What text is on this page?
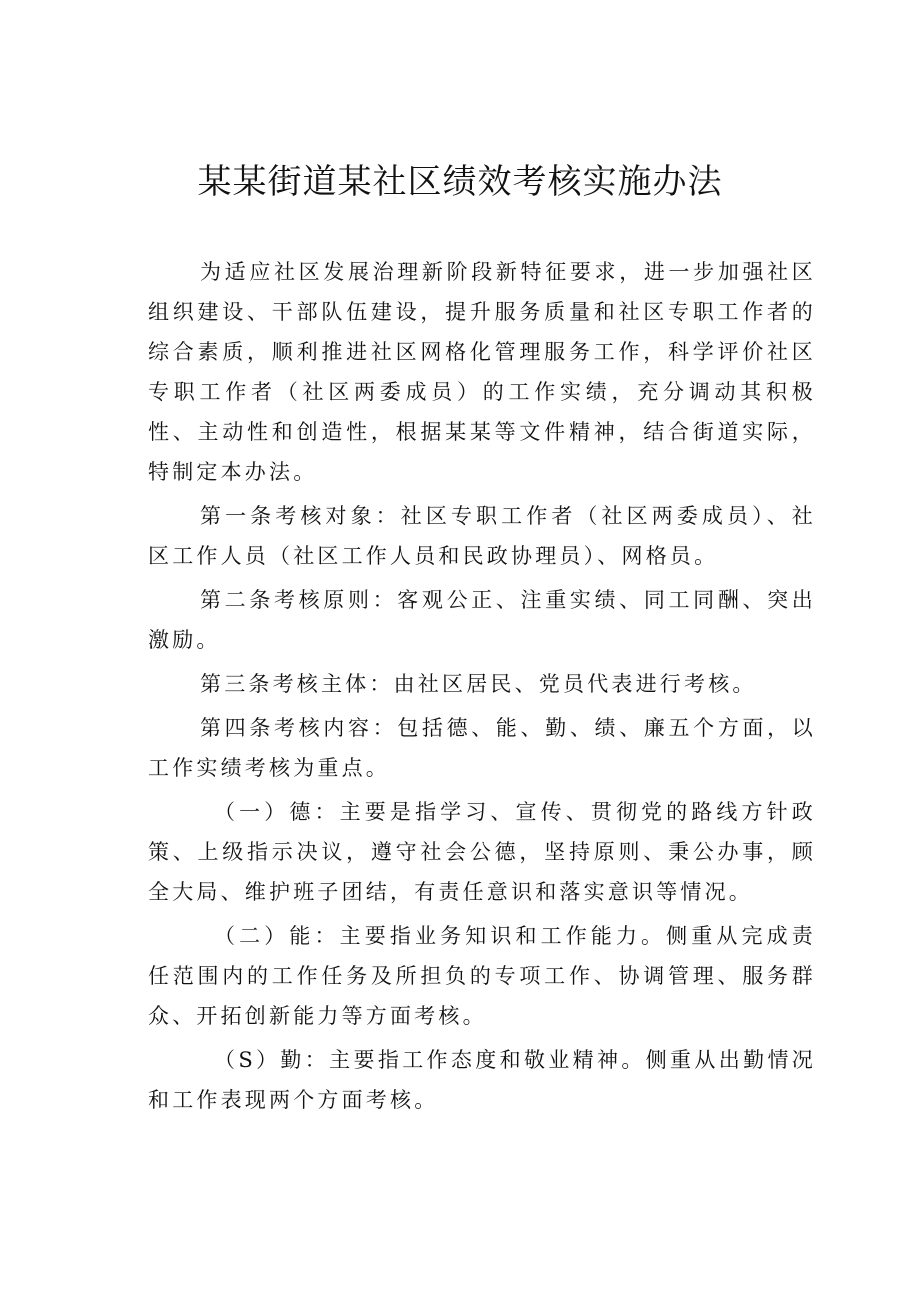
某某街道某社区绩效考核实施办法

为适应社区发展治理新阶段新特征要求，进一步加强社区组织建设、干部队伍建设，提升服务质量和社区专职工作者的综合素质，顺利推进社区网格化管理服务工作，科学评价社区专职工作者（社区两委成员）的工作实绩，充分调动其积极性、主动性和创造性，根据某某等文件精神，结合街道实际，特制定本办法。

第一条考核对象：社区专职工作者（社区两委成员）、社区工作人员（社区工作人员和民政协理员）、网格员。

第二条考核原则：客观公正、注重实绩、同工同酬、突出激励。

第三条考核主体：由社区居民、党员代表进行考核。

第四条考核内容：包括德、能、勤、绩、廉五个方面，以工作实绩考核为重点。

（一）德：主要是指学习、宣传、贯彻党的路线方针政策、上级指示决议，遵守社会公德，坚持原则、秉公办事，顾全大局、维护班子团结，有责任意识和落实意识等情况。

（二）能：主要指业务知识和工作能力。侧重从完成责任范围内的工作任务及所担负的专项工作、协调管理、服务群众、开拓创新能力等方面考核。

（S）勤：主要指工作态度和敬业精神。侧重从出勤情况和工作表现两个方面考核。
